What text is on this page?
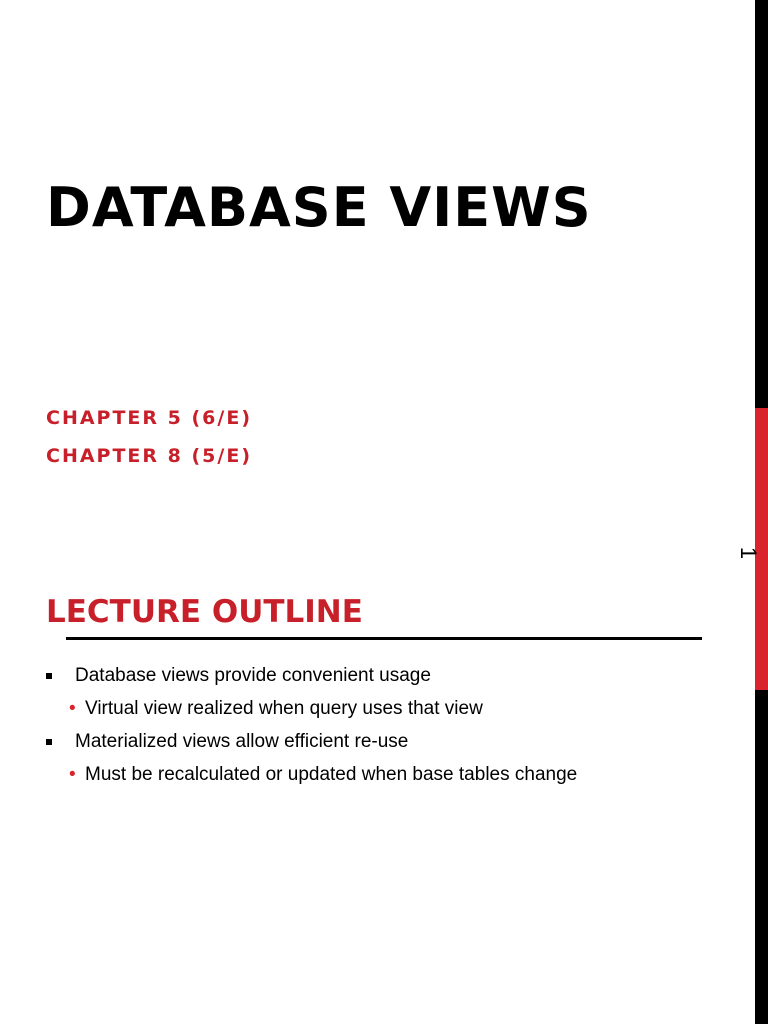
1
DATABASE VIEWS
CHAPTER 5 (6/E)
CHAPTER 8 (5/E)
LECTURE OUTLINE
Database views provide convenient usage
• Virtual view realized when query uses that view
Materialized views allow efficient re-use
• Must be recalculated or updated when base tables change
